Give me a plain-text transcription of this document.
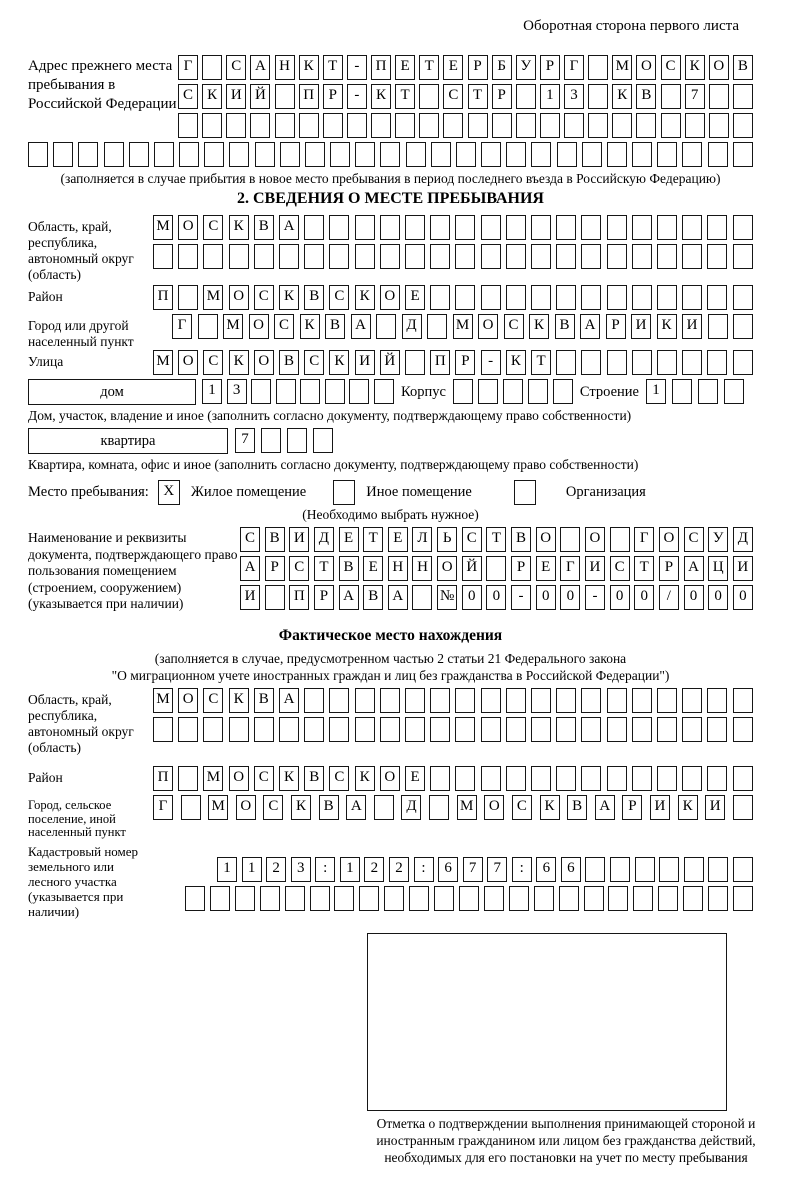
Оборотная сторона первого листа
Адрес прежнего места пребывания в Российской Федерации
Г	С А Н К Т	-	П Е Т Е	Р	Б У Р	Г	М О С К О В
С К И Й	П Р	-	К Т	С Т	Р	1	3	К В	7
(заполняется в случае прибытия в новое место пребывания в период последнего въезда в Российскую Федерацию)
2. СВЕДЕНИЯ О МЕСТЕ ПРЕБЫВАНИЯ
Область, край, республика, автономный округ (область)
М О С	К	В А
Район	П	М О С	К	В	С	К О	Е
Город или другой населенный пункт
Г	М О	С	К	В	А	Д	М О	С	К	В	А	Р	И	К	И
Улица	М О С	К О В	С	К И Й	П	Р	-	К	Т
дом	1	3	Корпус	Строение 1
Дом, участок, владение и иное (заполнить согласно документу, подтверждающему право собственности)
квартира	7
Квартира, комната, офис и иное (заполнить согласно документу, подтверждающему право собственности)
Место пребывания: X	Жилое помещение	Иное помещение	Организация
(Необходимо выбрать нужное)
Наименование и реквизиты документа, подтверждающего право пользования помещением (строением, сооружением) (указывается при наличии)
С В И Д Е	Т	Е Л	Ь	С	Т	В О	О	Г О С У Д
А	Р	С	Т	В	Е Н Н О Й	Р	Е	Г И С	Т	Р	А Ц И
И	П	Р	А В А	№ 0	0	-	0	0	-	0	0	/	0	0	0
Фактическое место нахождения
(заполняется в случае, предусмотренном частью 2 статьи 21 Федерального закона
"О миграционном учете иностранных граждан и лиц без гражданства в Российской Федерации")
Область, край, республика, автономный округ (область)
М О С	К	В А
Район	П	М О С	К	В	С	К О	Е
Город, сельское поселение, иной населенный пункт
Г	М	О	С	К	В	А	Д	М	О	С	К	В	А	Р	И	К	И
Кадастровый номер земельного или лесного участка (указывается при наличии)
1	1	2	3	:	1	2	2	:	6	7	7	:	6	6
Отметка о подтверждении выполнения принимающей стороной и иностранным гражданином или лицом без гражданства действий, необходимых для его постановки на учет по месту пребывания
